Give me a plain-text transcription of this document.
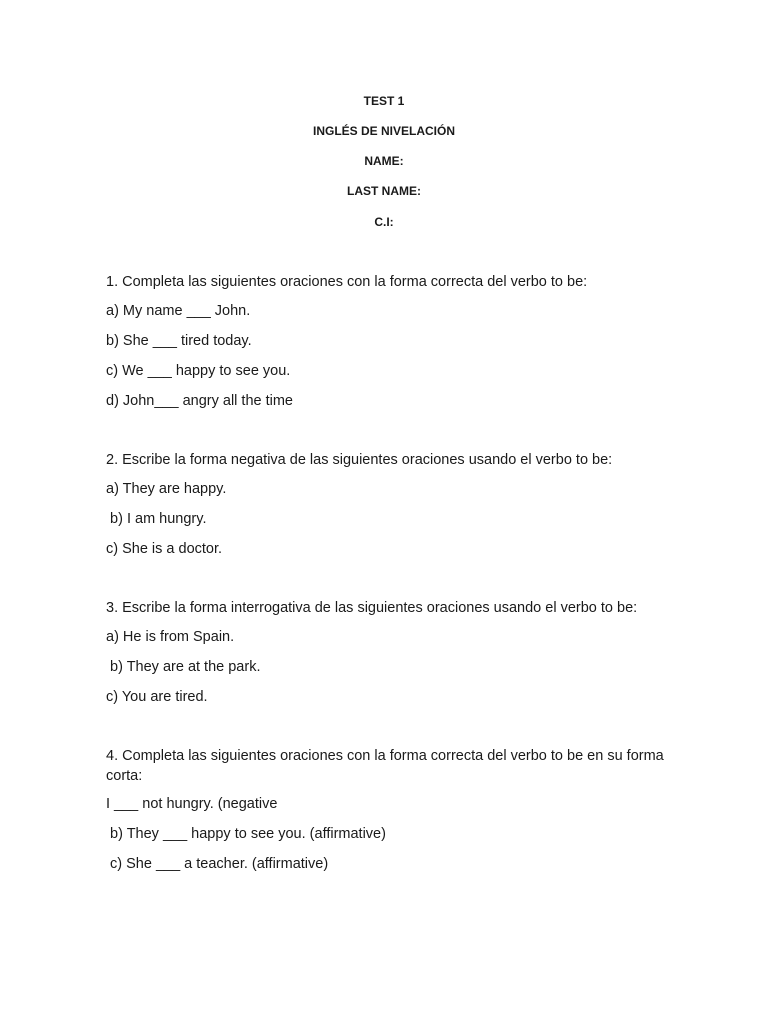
TEST 1
INGLÉS DE NIVELACIÓN
NAME:
LAST NAME:
C.I:
1. Completa las siguientes oraciones con la forma correcta del verbo to be:
a) My name ___ John.
b) She ___ tired today.
c) We ___ happy to see you.
d) John___ angry all the time
2. Escribe la forma negativa de las siguientes oraciones usando el verbo to be:
a) They are happy.
b) I am hungry.
c) She is a doctor.
3. Escribe la forma interrogativa de las siguientes oraciones usando el verbo to be:
a) He is from Spain.
b) They are at the park.
c) You are tired.
4. Completa las siguientes oraciones con la forma correcta del verbo to be en su forma corta:
I ___ not hungry. (negative
b) They ___ happy to see you. (affirmative)
c) She ___ a teacher. (affirmative)
